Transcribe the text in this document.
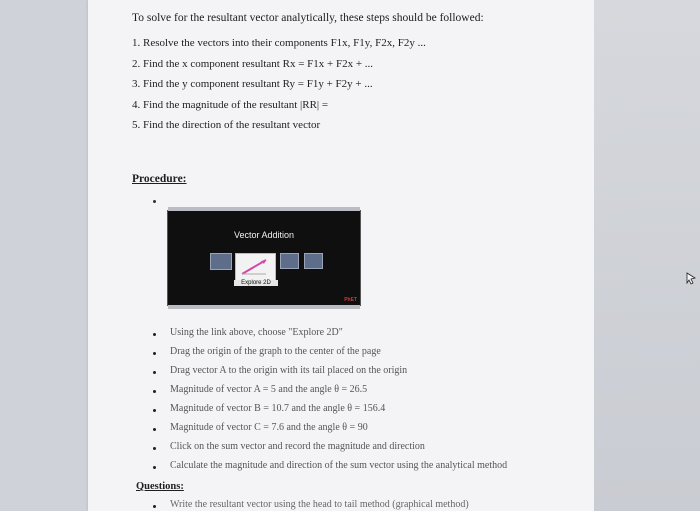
To solve for the resultant vector analytically, these steps should be followed:
1. Resolve the vectors into their components F1x, F1y, F2x, F2y ...
2. Find the x component resultant Rx = F1x + F2x + ...
3. Find the y component resultant Ry = F1y + F2y + ...
4. Find the magnitude of the resultant |RR| =
5. Find the direction of the resultant vector
Procedure:
Vector Addition
Explore 2D
PhET
Using the link above, choose "Explore 2D"
Drag the origin of the graph to the center of the page
Drag vector A to the origin with its tail placed on the origin
Magnitude of vector A = 5 and the angle θ = 26.5
Magnitude of vector B = 10.7 and the angle θ = 156.4
Magnitude of vector C = 7.6 and the angle θ = 90
Click on the sum vector and record the magnitude and direction
Calculate the magnitude and direction of the sum vector using the analytical method
Questions:
Write the resultant vector using the head to tail method (graphical method)
